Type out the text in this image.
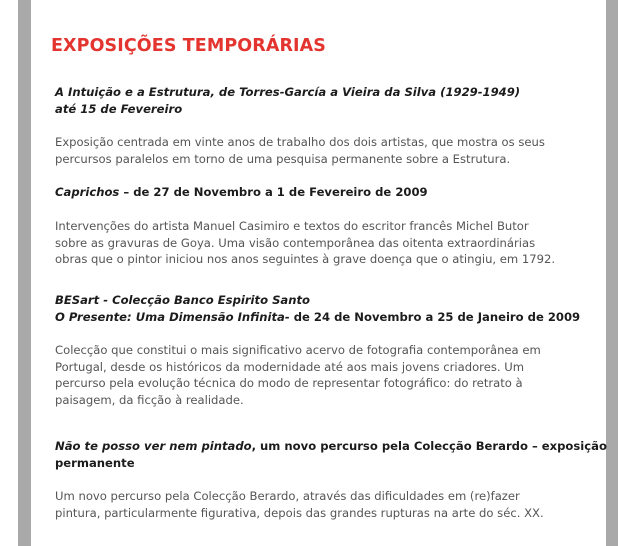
EXPOSIÇÕES TEMPORÁRIAS
A Intuição e a Estrutura, de Torres-García a Vieira da Silva (1929-1949)
até 15 de Fevereiro
Exposição centrada em vinte anos de trabalho dos dois artistas, que mostra os seus
percursos paralelos em torno de uma pesquisa permanente sobre a Estrutura.
Caprichos – de 27 de Novembro a 1 de Fevereiro de 2009
Intervenções do artista Manuel Casimiro e textos do escritor francês Michel Butor
sobre as gravuras de Goya. Uma visão contemporânea das oitenta extraordinárias
obras que o pintor iniciou nos anos seguintes à grave doença que o atingiu, em 1792.
BESart - Colecção Banco Espirito Santo
O Presente: Uma Dimensão Infinita- de 24 de Novembro a 25 de Janeiro de 2009
Colecção que constitui o mais significativo acervo de fotografia contemporânea em
Portugal, desde os históricos da modernidade até aos mais jovens criadores. Um
percurso pela evolução técnica do modo de representar fotográfico: do retrato à
paisagem, da ficção à realidade.
Não te posso ver nem pintado, um novo percurso pela Colecção Berardo – exposição
permanente
Um novo percurso pela Colecção Berardo, através das dificuldades em (re)fazer
pintura, particularmente figurativa, depois das grandes rupturas na arte do séc. XX.
